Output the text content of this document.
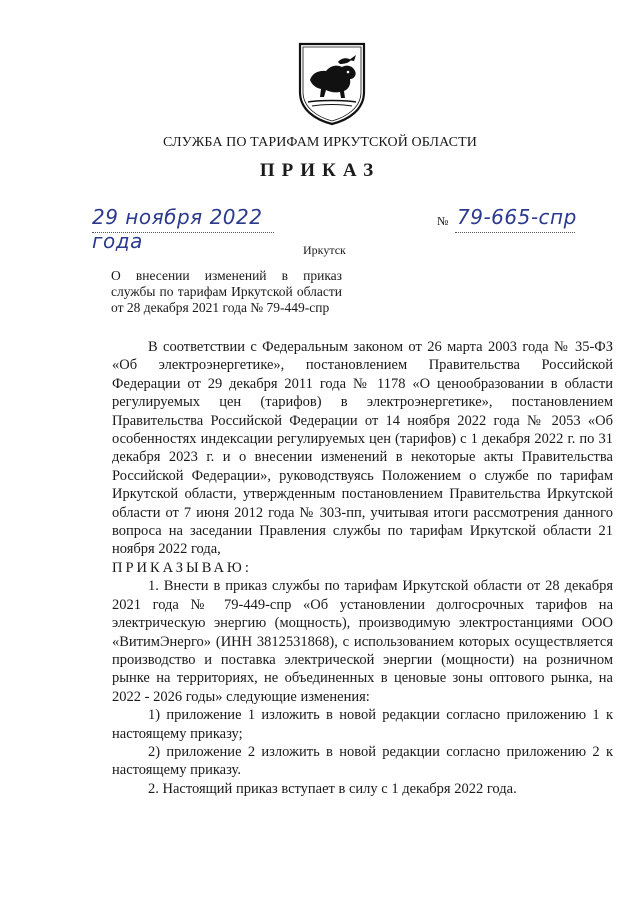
СЛУЖБА ПО ТАРИФАМ ИРКУТСКОЙ ОБЛАСТИ
ПРИКАЗ
29 ноября 2022 года
№ 79-665-спр
Иркутск
О внесении изменений в приказ службы по тарифам Иркутской области от 28 декабря 2021 года № 79-449-спр

В соответствии с Федеральным законом от 26 марта 2003 года № 35-ФЗ «Об электроэнергетике», постановлением Правительства Российской Федерации от 29 декабря 2011 года № 1178 «О ценообразовании в области регулируемых цен (тарифов) в электроэнергетике», постановлением Правительства Российской Федерации от 14 ноября 2022 года № 2053 «Об особенностях индексации регулируемых цен (тарифов) с 1 декабря 2022 г. по 31 декабря 2023 г. и о внесении изменений в некоторые акты Правительства Российской Федерации», руководствуясь Положением о службе по тарифам Иркутской области, утвержденным постановлением Правительства Иркутской области от 7 июня 2012 года № 303-пп, учитывая итоги рассмотрения данного вопроса на заседании Правления службы по тарифам Иркутской области 21 ноября 2022 года,

ПРИКАЗЫВАЮ:

1. Внести в приказ службы по тарифам Иркутской области от 28 декабря 2021 года № 79-449-спр «Об установлении долгосрочных тарифов на электрическую энергию (мощность), производимую электростанциями ООО «ВитимЭнерго» (ИНН 3812531868), с использованием которых осуществляется производство и поставка электрической энергии (мощности) на розничном рынке на территориях, не объединенных в ценовые зоны оптового рынка, на 2022 - 2026 годы» следующие изменения:

1) приложение 1 изложить в новой редакции согласно приложению 1 к настоящему приказу;

2) приложение 2 изложить в новой редакции согласно приложению 2 к настоящему приказу.

2. Настоящий приказ вступает в силу с 1 декабря 2022 года.
